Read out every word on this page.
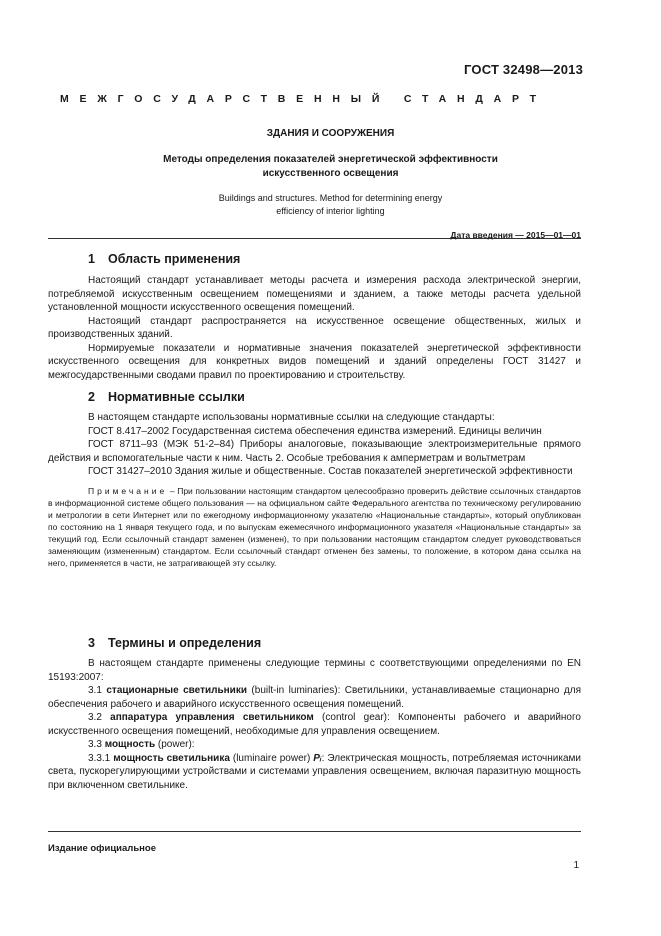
ГОСТ 32498—2013
МЕЖГОСУДАРСТВЕННЫЙ СТАНДАРТ
ЗДАНИЯ И СООРУЖЕНИЯ
Методы определения показателей энергетической эффективности искусственного освещения
Buildings and structures. Method for determining energy efficiency of interior lighting
Дата введения — 2015—01—01
1 Область применения

Настоящий стандарт устанавливает методы расчета и измерения расхода электрической энергии, потребляемой искусственным освещением помещениями и зданием, а также методы расчета удельной установленной мощности искусственного освещения помещений.

Настоящий стандарт распространяется на искусственное освещение общественных, жилых и производственных зданий.

Нормируемые показатели и нормативные значения показателей энергетической эффективности искусственного освещения для конкретных видов помещений и зданий определены ГОСТ 31427 и межгосударственными сводами правил по проектированию и строительству.

2 Нормативные ссылки

В настоящем стандарте использованы нормативные ссылки на следующие стандарты:

ГОСТ 8.417–2002 Государственная система обеспечения единства измерений. Единицы величин

ГОСТ 8711–93 (МЭК 51-2–84) Приборы аналоговые, показывающие электроизмерительные прямого действия и вспомогательные части к ним. Часть 2. Особые требования к амперметрам и вольтметрам

ГОСТ 31427–2010 Здания жилые и общественные. Состав показателей энергетической эффективности

Примечание – При пользовании настоящим стандартом целесообразно проверить действие ссылочных стандартов в информационной системе общего пользования — на официальном сайте Федерального агентства по техническому регулированию и метрологии в сети Интернет или по ежегодному информационному указателю «Национальные стандарты», который опубликован по состоянию на 1 января текущего года, и по выпускам ежемесячного информационного указателя «Национальные стандарты» за текущий год. Если ссылочный стандарт заменен (изменен), то при пользовании настоящим стандартом следует руководствоваться заменяющим (измененным) стандартом. Если ссылочный стандарт отменен без замены, то положение, в котором дана ссылка на него, применяется в части, не затрагивающей эту ссылку.

3 Термины и определения

В настоящем стандарте применены следующие термины с соответствующими определениями по EN 15193:2007:

3.1 стационарные светильники (built-in luminaries): Светильники, устанавливаемые стационарно для обеспечения рабочего и аварийного искусственного освещения помещений.

3.2 аппаратура управления светильником (control gear): Компоненты рабочего и аварийного искусственного освещения помещений, необходимые для управления освещением.

3.3 мощность (power):

3.3.1 мощность светильника (luminaire power) Pᵢ: Электрическая мощность, потребляемая источниками света, пускорегулирующими устройствами и системами управления освещением, включая паразитную мощность при включенном светильнике.

Издание официальное
1
